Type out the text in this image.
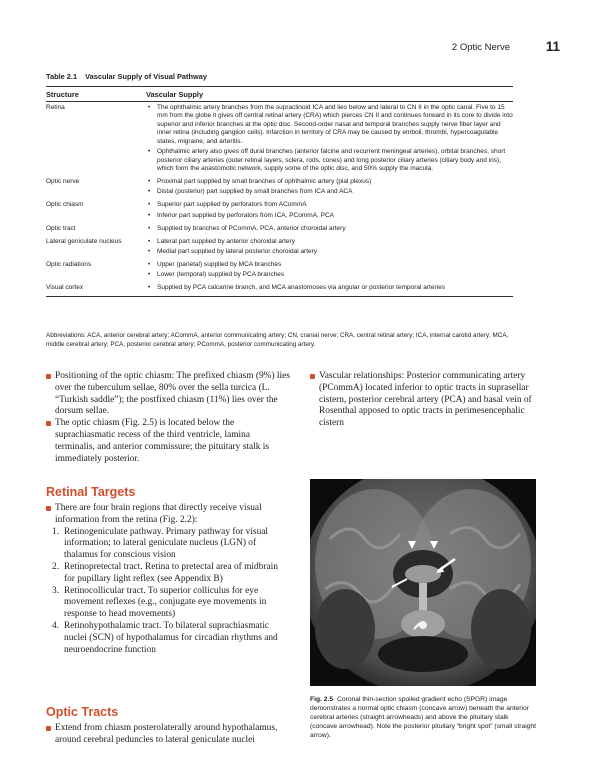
2 Optic Nerve	11
Table 2.1 Vascular Supply of Visual Pathway
Structure	Vascular Supply
Retina	• The ophthalmic artery branches from the supraclinoid ICA and lies below and lateral to CN II in the optic canal. Five to 15 mm from the globe it gives off central retinal artery (CRA) which pierces CN II and continues forward in its core to divide into superior and inferior branches at the optic disc. Second-order nasal and temporal branches supply nerve fiber layer and inner retina (including ganglion cells). Infarction in territory of CRA may be caused by emboli, thrombi, hypercoagulable states, migraine, and arteritis.
• Ophthalmic artery also gives off dural branches (anterior falcine and recurrent meningeal arteries), orbital branches, short posterior ciliary arteries (outer retinal layers, sclera, rods, cones) and long posterior ciliary arteries (ciliary body and iris), which form the anastomotic network, supply some of the optic disc, and 50% supply the macula.
Optic nerve	• Proximal part supplied by small branches of ophthalmic artery (pial plexus)
• Distal (posterior) part supplied by small branches from ICA and ACA
Optic chiasm	• Superior part supplied by perforators from ACommA
• Inferior part supplied by perforators from ICA, PCommA, PCA
Optic tract	• Supplied by branches of PCommA, PCA, anterior choroidal artery
Lateral geniculate nucleus	• Lateral part supplied by anterior choroidal artery
• Medial part supplied by lateral posterior choroidal artery
Optic radiations	• Upper (parietal) supplied by MCA branches
• Lower (temporal) supplied by PCA branches
Visual cortex	• Supplied by PCA calcarine branch, and MCA anastomoses via angular or posterior temporal arteries
Abbreviations: ACA, anterior cerebral artery; ACommA, anterior communicating artery; CN, cranial nerve; CRA, central retinal artery; ICA, internal carotid artery; MCA, middle cerebral artery; PCA, posterior cerebral artery; PCommA, posterior communicating artery.
Positioning of the optic chiasm: The prefixed chiasm (9%) lies over the tuberculum sellae, 80% over the sella turcica (L. “Turkish saddle”); the postfixed chiasm (11%) lies over the dorsum sellae.
The optic chiasm (Fig. 2.5) is located below the suprachiasmatic recess of the third ventricle, lamina terminalis, and anterior commissure; the pituitary stalk is immediately posterior.
Vascular relationships: Posterior communicating artery (PCommA) located inferior to optic tracts in suprasellar cistern, posterior cerebral artery (PCA) and basal vein of Rosenthal apposed to optic tracts in perimesencephalic cistern
Retinal Targets
There are four brain regions that directly receive visual information from the retina (Fig. 2.2):
1. Retinogeniculate pathway. Primary pathway for visual information; to lateral geniculate nucleus (LGN) of thalamus for conscious vision
2. Retinopretectal tract. Retina to pretectal area of midbrain for pupillary light reflex (see Appendix B)
3. Retinocollicular tract. To superior colliculus for eye movement reflexes (e.g., conjugate eye movements in response to head movements)
4. Retinohypothalamic tract. To bilateral suprachiasmatic nuclei (SCN) of hypothalamus for circadian rhythms and neuroendocrine function
Optic Tracts
Extend from chiasm posterolaterally around hypothalamus, around cerebral peduncles to lateral geniculate nuclei
Fig. 2.5 Coronal thin-section spoiled gradient echo (SPGR) image demonstrates a normal optic chiasm (concave arrow) beneath the anterior cerebral arteries (straight arrowheads) and above the pituitary stalk (concave arrowhead). Note the posterior pituitary “bright spot” (small straight arrow).
